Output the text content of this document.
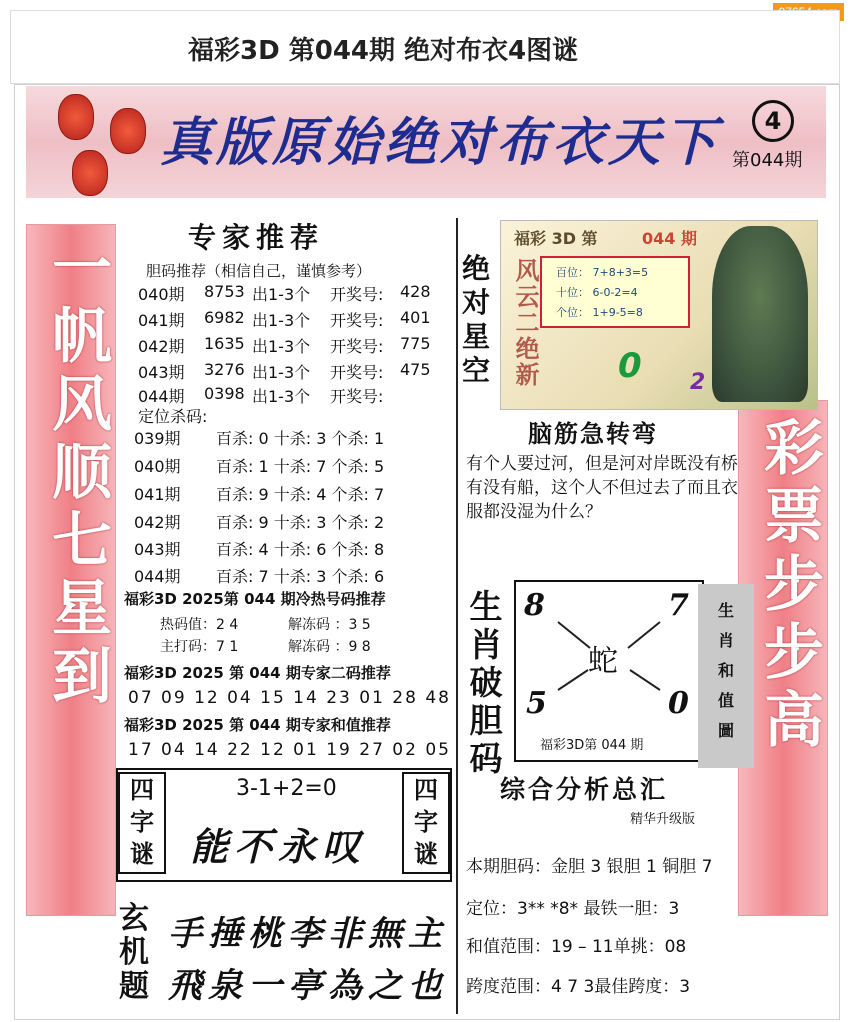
福彩3D 第044期 绝对布衣4图谜
真版原始绝对布衣天下	4
第044期
一帆风顺七星到	彩票步步高
专家推荐
胆码推荐（相信自己，谨慎参考）
040期 8753 出1-3个 开奖号: 428
041期 6982 出1-3个 开奖号: 401
042期 1635 出1-3个 开奖号: 775
043期 3276 出1-3个 开奖号: 475
044期 0398 出1-3个 开奖号:
定位杀码:
039期 百杀: 0 十杀: 3 个杀: 1
040期 百杀: 1 十杀: 7 个杀: 5
041期 百杀: 9 十杀: 4 个杀: 7
042期 百杀: 9 十杀: 3 个杀: 2
043期 百杀: 4 十杀: 6 个杀: 8
044期 百杀: 7 十杀: 3 个杀: 6
福彩3D 2025第 044 期冷热号码推荐
热码值：2 4	解冻码 ：3 5
主打码：7 1	解冻码 ：9 8
福彩3D 2025 第 044 期专家二码推荐
07 09 12 04 15 14 23 01 28 48
福彩3D 2025 第 044 期专家和值推荐
17 04 14 22 12 01 19 27 02 05
四字谜
四字谜
3-1+2=0
能不永叹
玄机题
手捶桃李非無主
飛泉一亭為之也
绝对星空
福彩 3D 第	044 期
风云二绝新	百位： 7+8+3=5
十位： 6-0-2=4
个位： 1+9-5=8
0 2
脑筋急转弯
有个人要过河，但是河对岸既没有桥有没有船，这个人不但过去了而且衣服都没湿为什么？
生肖破胆码
8	7
5	0
蛇
福彩3D第 044 期
生肖和值圖
综合分析总汇
精华升级版
本期胆码：金胆 3 银胆 1 铜胆 7
定位：3** *8* 最铁一胆：3
和值范围：19 – 11单挑：08
跨度范围：4 7 3最佳跨度：3
